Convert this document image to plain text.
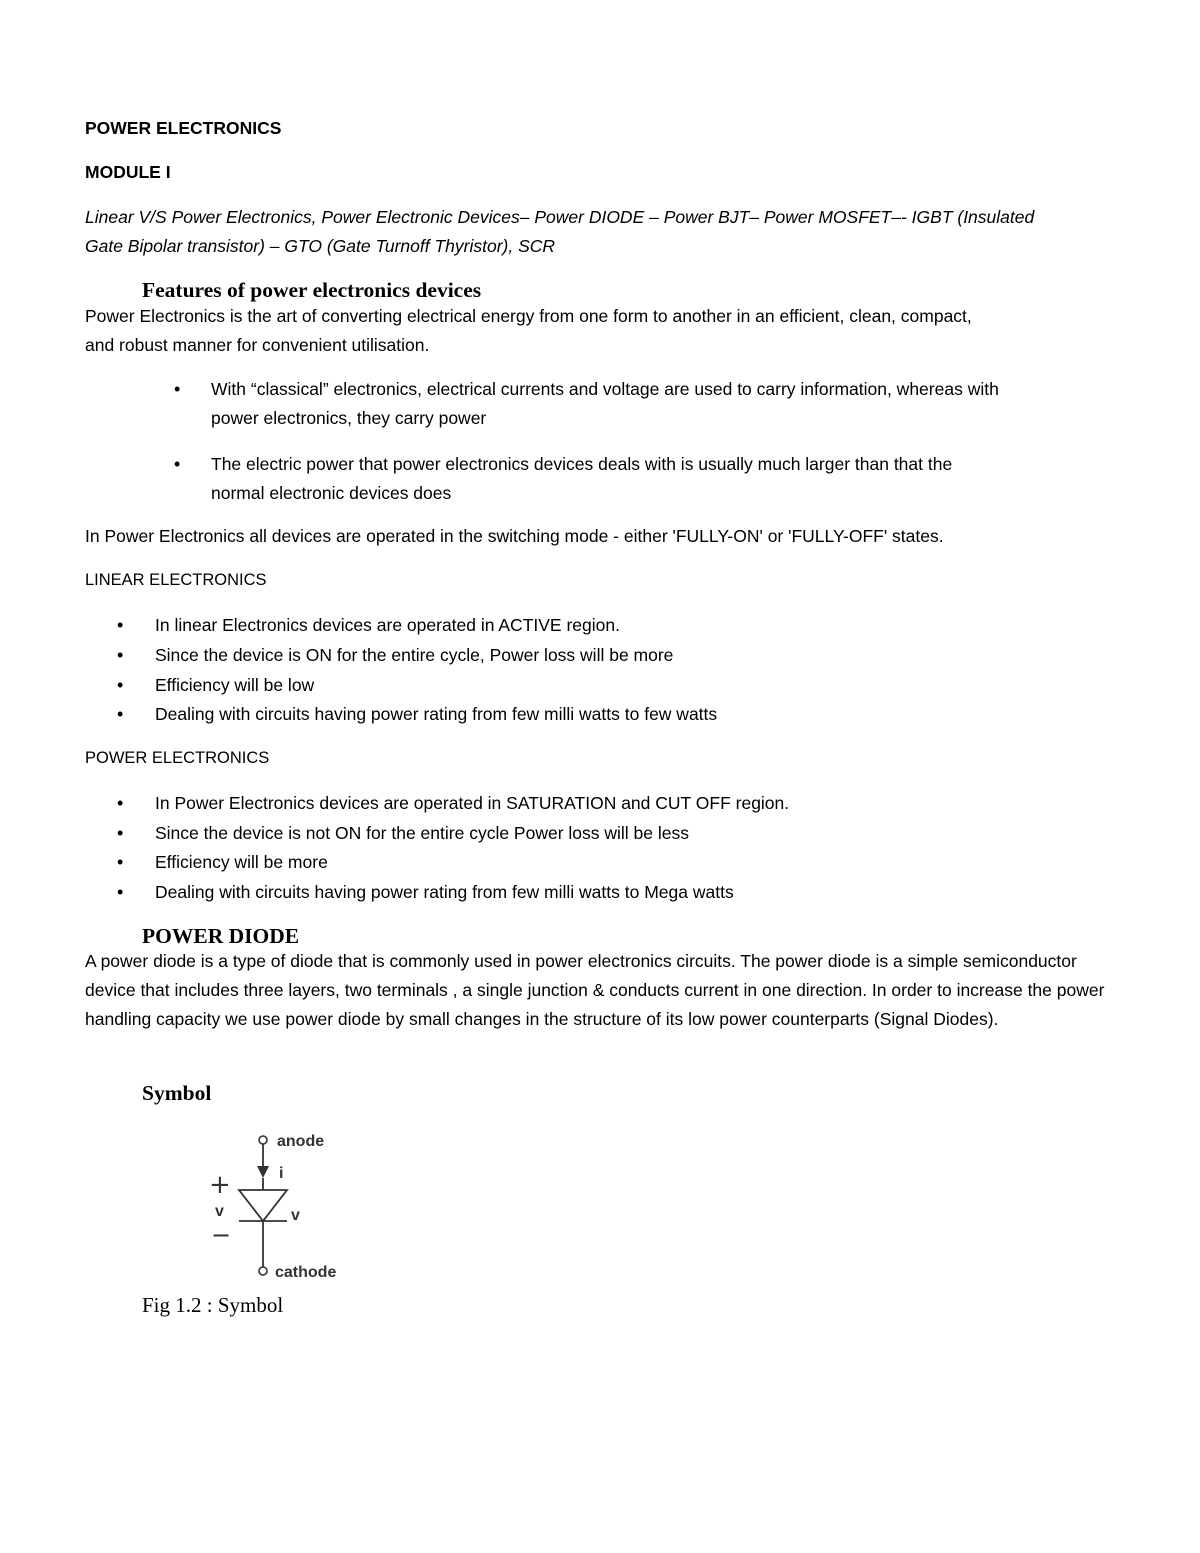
POWER ELECTRONICS
MODULE I
Linear V/S Power Electronics, Power Electronic Devices– Power DIODE – Power BJT– Power MOSFET–- IGBT (Insulated
Gate Bipolar transistor) – GTO (Gate Turnoff Thyristor), SCR
Features of power electronics devices
Power Electronics is the art of converting electrical energy from one form to another in an efficient, clean, compact,
and robust manner for convenient utilisation.
• With “classical” electronics, electrical currents and voltage are used to carry information, whereas with
power electronics, they carry power
• The electric power that power electronics devices deals with is usually much larger than that the
normal electronic devices does
In Power Electronics all devices are operated in the switching mode - either 'FULLY-ON' or 'FULLY-OFF' states.
LINEAR ELECTRONICS
• In linear Electronics devices are operated in ACTIVE region.
• Since the device is ON for the entire cycle, Power loss will be more
• Efficiency will be low
• Dealing with circuits having power rating from few milli watts to few watts
POWER ELECTRONICS
• In Power Electronics devices are operated in SATURATION and CUT OFF region.
• Since the device is not ON for the entire cycle Power loss will be less
• Efficiency will be more
• Dealing with circuits having power rating from few milli watts to Mega watts
POWER DIODE
A power diode is a type of diode that is commonly used in power electronics circuits. The power diode is a simple semiconductor device that includes three layers, two terminals , a single junction & conducts current in one direction. In order to increase the power handling capacity we use power diode by small changes in the structure of its low power counterparts (Signal Diodes).
Symbol
anode
i
v
cathode
+
v
−
Fig 1.2 : Symbol
